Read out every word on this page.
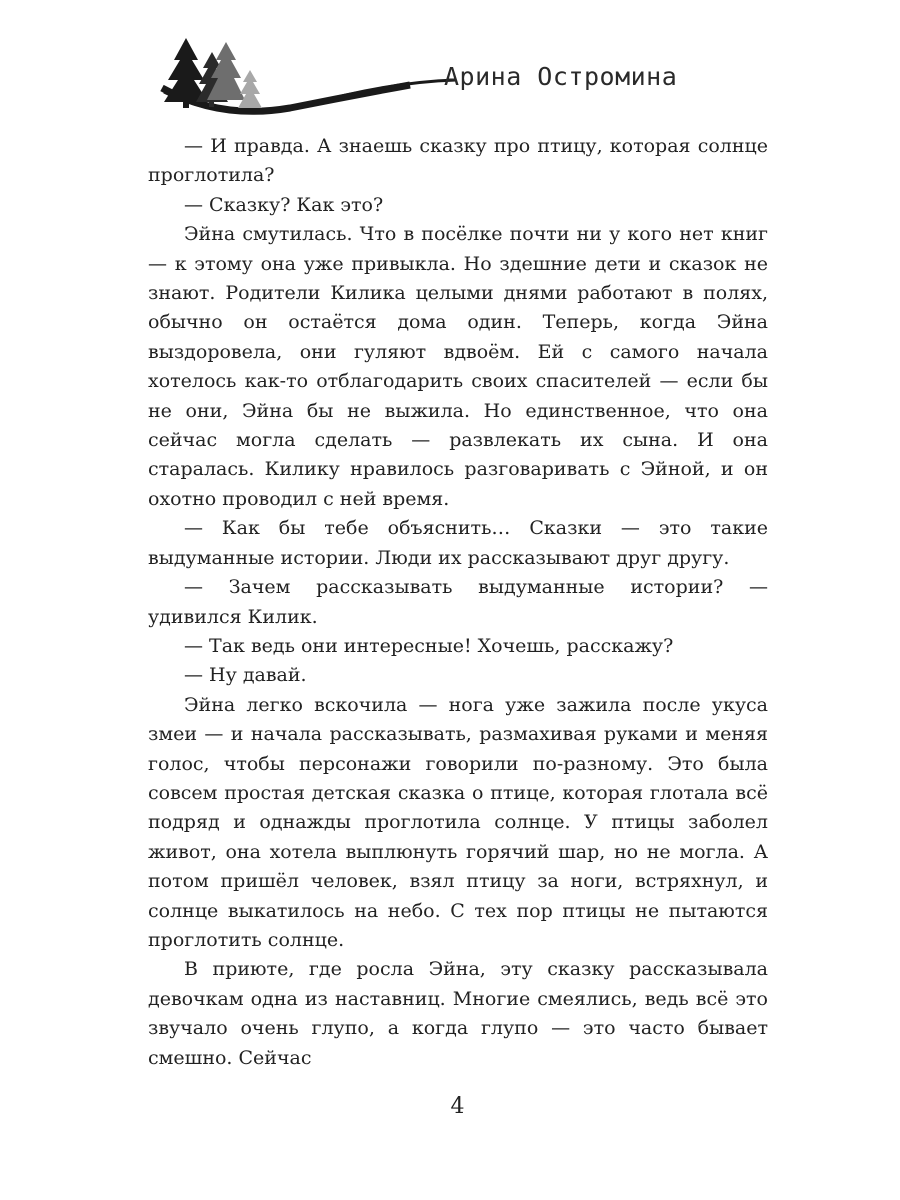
Арина Остромина

— И правда. А знаешь сказку про птицу, которая солнце проглотила?

— Сказку? Как это?

Эйна смутилась. Что в посёлке почти ни у кого нет книг — к этому она уже привыкла. Но здешние дети и сказок не знают. Родители Килика целыми днями работают в полях, обычно он остаётся дома один. Теперь, когда Эйна выздоровела, они гуляют вдвоём. Ей с самого начала хотелось как-то отблагодарить своих спасителей — если бы не они, Эйна бы не выжила. Но единственное, что она сейчас могла сделать — развлекать их сына. И она старалась. Килику нравилось разговаривать с Эйной, и он охотно проводил с ней время.

— Как бы тебе объяснить… Сказки — это такие выдуманные истории. Люди их рассказывают друг другу.

— Зачем рассказывать выдуманные истории? — удивился Килик.

— Так ведь они интересные! Хочешь, расскажу?

— Ну давай.

Эйна легко вскочила — нога уже зажила после укуса змеи — и начала рассказывать, размахивая руками и меняя голос, чтобы персонажи говорили по-разному. Это была совсем простая детская сказка о птице, которая глотала всё подряд и однажды проглотила солнце. У птицы заболел живот, она хотела выплюнуть горячий шар, но не могла. А потом пришёл человек, взял птицу за ноги, встряхнул, и солнце выкатилось на небо. С тех пор птицы не пытаются проглотить солнце.

В приюте, где росла Эйна, эту сказку рассказывала девочкам одна из наставниц. Многие смеялись, ведь всё это звучало очень глупо, а когда глупо — это часто бывает смешно. Сейчас

4
